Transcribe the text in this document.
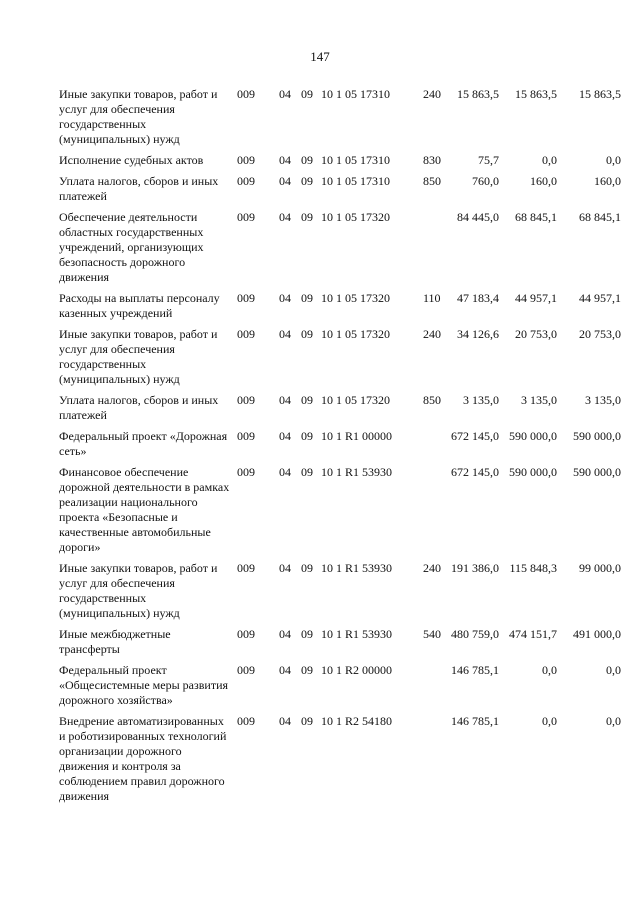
147
Иные закупки товаров, работ и услуг для обеспечения государственных (муниципальных) нужд	009	04	09	10 1 05 17310	240	15 863,5	15 863,5	15 863,5
Исполнение судебных актов	009	04	09	10 1 05 17310	830	75,7	0,0	0,0
Уплата налогов, сборов и иных платежей	009	04	09	10 1 05 17310	850	760,0	160,0	160,0
Обеспечение деятельности областных государственных учреждений, организующих безопасность дорожного движения	009	04	09	10 1 05 17320		84 445,0	68 845,1	68 845,1
Расходы на выплаты персоналу казенных учреждений	009	04	09	10 1 05 17320	110	47 183,4	44 957,1	44 957,1
Иные закупки товаров, работ и услуг для обеспечения государственных (муниципальных) нужд	009	04	09	10 1 05 17320	240	34 126,6	20 753,0	20 753,0
Уплата налогов, сборов и иных платежей	009	04	09	10 1 05 17320	850	3 135,0	3 135,0	3 135,0
Федеральный проект «Дорожная сеть»	009	04	09	10 1 R1 00000		672 145,0	590 000,0	590 000,0
Финансовое обеспечение дорожной деятельности в рамках реализации национального проекта «Безопасные и качественные автомобильные дороги»	009	04	09	10 1 R1 53930		672 145,0	590 000,0	590 000,0
Иные закупки товаров, работ и услуг для обеспечения государственных (муниципальных) нужд	009	04	09	10 1 R1 53930	240	191 386,0	115 848,3	99 000,0
Иные межбюджетные трансферты	009	04	09	10 1 R1 53930	540	480 759,0	474 151,7	491 000,0
Федеральный проект «Общесистемные меры развития дорожного хозяйства»	009	04	09	10 1 R2 00000		146 785,1	0,0	0,0
Внедрение автоматизированных и роботизированных технологий организации дорожного движения и контроля за соблюдением правил дорожного движения	009	04	09	10 1 R2 54180		146 785,1	0,0	0,0
